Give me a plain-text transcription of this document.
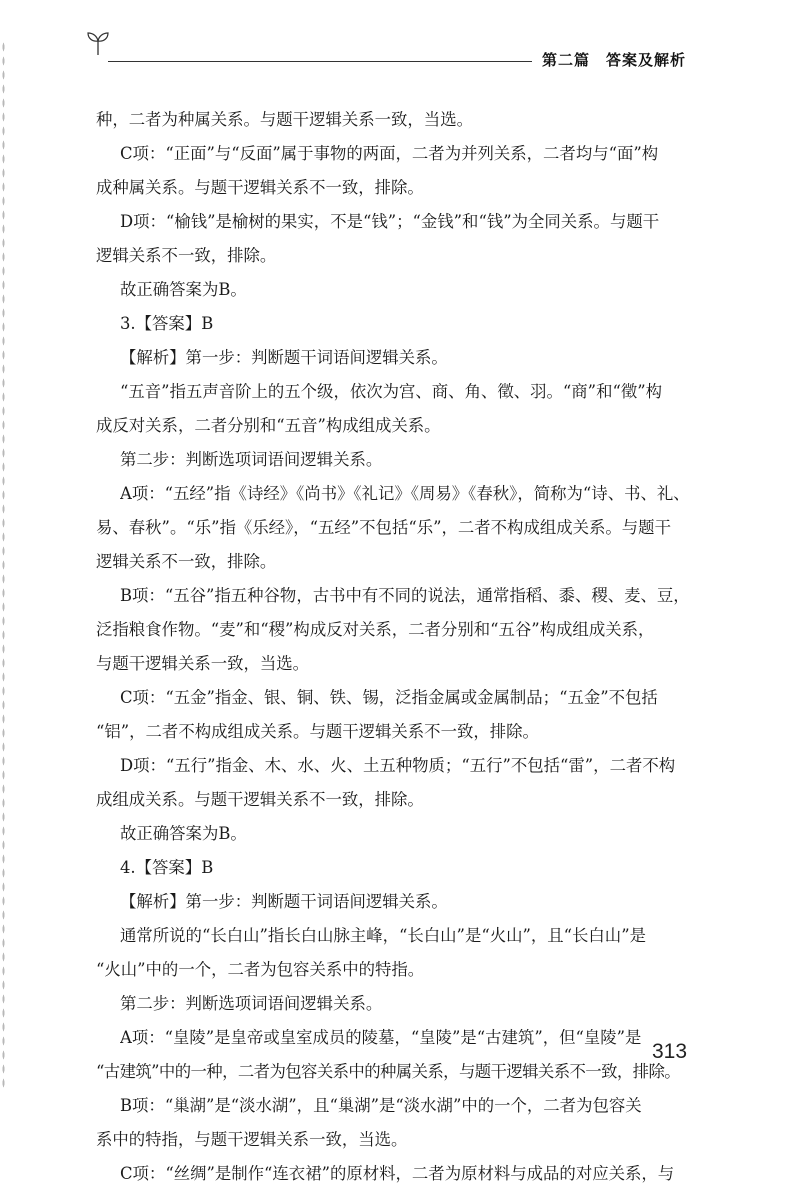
第二篇　答案及解析
种，二者为种属关系。与题干逻辑关系一致，当选。
C项：“正面”与“反面”属于事物的两面，二者为并列关系，二者均与“面”构
成种属关系。与题干逻辑关系不一致，排除。
D项：“榆钱”是榆树的果实，不是“钱”；“金钱”和“钱”为全同关系。与题干
逻辑关系不一致，排除。
故正确答案为B。
3.【答案】B
【解析】第一步：判断题干词语间逻辑关系。
“五音”指五声音阶上的五个级，依次为宫、商、角、徵、羽。“商”和“徵”构
成反对关系，二者分别和“五音”构成组成关系。
第二步：判断选项词语间逻辑关系。
A项：“五经”指《诗经》《尚书》《礼记》《周易》《春秋》，简称为“诗、书、礼、
易、春秋”。“乐”指《乐经》，“五经”不包括“乐”，二者不构成组成关系。与题干
逻辑关系不一致，排除。
B项：“五谷”指五种谷物，古书中有不同的说法，通常指稻、黍、稷、麦、豆，
泛指粮食作物。“麦”和“稷”构成反对关系，二者分别和“五谷”构成组成关系，
与题干逻辑关系一致，当选。
C项：“五金”指金、银、铜、铁、锡，泛指金属或金属制品；“五金”不包括
“铝”，二者不构成组成关系。与题干逻辑关系不一致，排除。
D项：“五行”指金、木、水、火、土五种物质；“五行”不包括“雷”，二者不构
成组成关系。与题干逻辑关系不一致，排除。
故正确答案为B。
4.【答案】B
【解析】第一步：判断题干词语间逻辑关系。
通常所说的“长白山”指长白山脉主峰，“长白山”是“火山”，且“长白山”是
“火山”中的一个，二者为包容关系中的特指。
第二步：判断选项词语间逻辑关系。
A项：“皇陵”是皇帝或皇室成员的陵墓，“皇陵”是“古建筑”，但“皇陵”是
“古建筑”中的一种，二者为包容关系中的种属关系，与题干逻辑关系不一致，排除。
B项：“巢湖”是“淡水湖”，且“巢湖”是“淡水湖”中的一个，二者为包容关
系中的特指，与题干逻辑关系一致，当选。
C项：“丝绸”是制作“连衣裙”的原材料，二者为原材料与成品的对应关系，与
313
